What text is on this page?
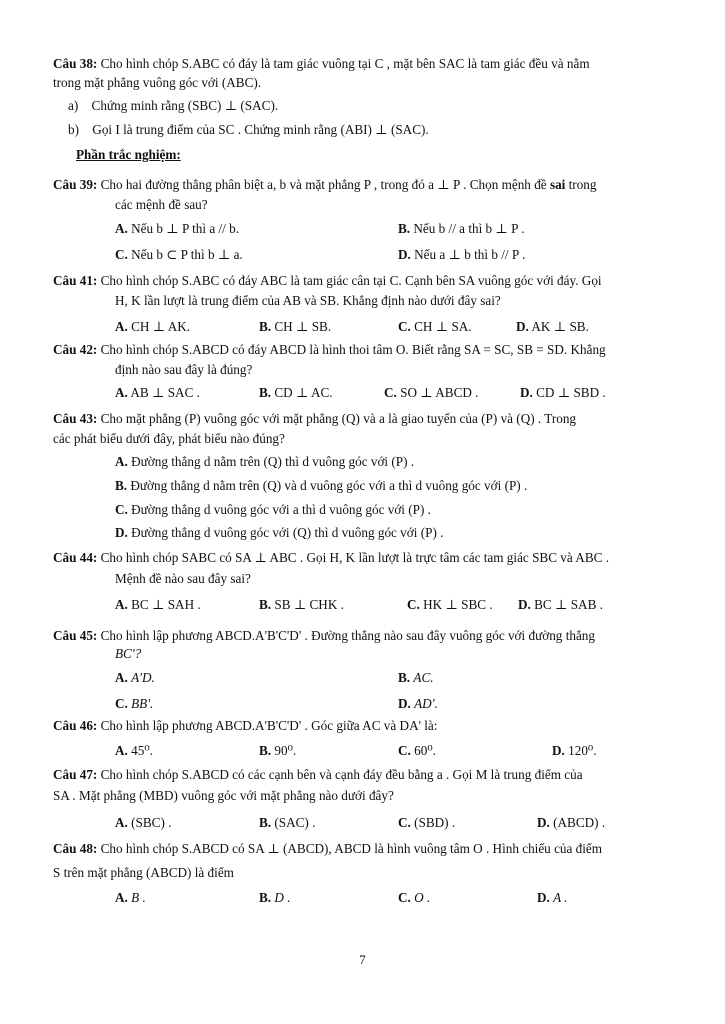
Câu 38: Cho hình chóp S.ABC có đáy là tam giác vuông tại C , mặt bên SAC là tam giác đều và nằm
trong mặt phẳng vuông góc với (ABC).
a) Chứng minh rằng (SBC) ⊥ (SAC).
b) Gọi I là trung điểm của SC . Chứng minh rằng (ABI) ⊥ (SAC).
Phần trắc nghiệm:
Câu 39: Cho hai đường thẳng phân biệt a, b và mặt phẳng P , trong đó a ⊥ P . Chọn mệnh đề sai trong
các mệnh đề sau?
A. Nếu b ⊥ P thì a // b.	B. Nếu b // a thì b ⊥ P .
C. Nếu b ⊂ P thì b ⊥ a.	D. Nếu a ⊥ b thì b // P .
Câu 41: Cho hình chóp S.ABC có đáy ABC là tam giác cân tại C. Cạnh bên SA vuông góc với đáy. Gọi
H, K lần lượt là trung điểm của AB và SB. Khẳng định nào dưới đây sai?
A. CH ⊥ AK.	B. CH ⊥ SB.	C. CH ⊥ SA.	D. AK ⊥ SB.
Câu 42: Cho hình chóp S.ABCD có đáy ABCD là hình thoi tâm O. Biết rằng SA = SC, SB = SD. Khẳng
định nào sau đây là đúng?
A. AB ⊥ SAC .	B. CD ⊥ AC.	C. SO ⊥ ABCD .	D. CD ⊥ SBD .
Câu 43: Cho mặt phẳng (P) vuông góc với mặt phẳng (Q) và a là giao tuyến của (P) và (Q) . Trong
các phát biểu dưới đây, phát biểu nào đúng?
A. Đường thẳng d nằm trên (Q) thì d vuông góc với (P) .
B. Đường thẳng d nằm trên (Q) và d vuông góc với a thì d vuông góc với (P) .
C. Đường thẳng d vuông góc với a thì d vuông góc với (P) .
D. Đường thẳng d vuông góc với (Q) thì d vuông góc với (P) .
Câu 44: Cho hình chóp SABC có SA ⊥ ABC . Gọi H, K lần lượt là trực tâm các tam giác SBC và ABC .
Mệnh đề nào sau đây sai?
A. BC ⊥ SAH .	B. SB ⊥ CHK .	C. HK ⊥ SBC . D. BC ⊥ SAB .
Câu 45: Cho hình lập phương ABCD.A'B'C'D' . Đường thẳng nào sau đây vuông góc với đường thẳng
BC'?
A. A'D.	B. AC.
C. BB'.	D. AD'.
Câu 46: Cho hình lập phương ABCD.A'B'C'D' . Góc giữa AC và DA' là:
A. 45⁰.	B. 90⁰.	C. 60⁰.	D. 120⁰.
Câu 47: Cho hình chóp S.ABCD có các cạnh bên và cạnh đáy đều bằng a . Gọi M là trung điểm của
SA . Mặt phẳng (MBD) vuông góc với mặt phẳng nào dưới đây?
A. (SBC) .	B. (SAC) .	C. (SBD) .	D. (ABCD) .
Câu 48: Cho hình chóp S.ABCD có SA ⊥ (ABCD), ABCD là hình vuông tâm O . Hình chiếu của điểm
S trên mặt phẳng (ABCD) là điểm
A. B .	B. D .	C. O .	D. A .
7
